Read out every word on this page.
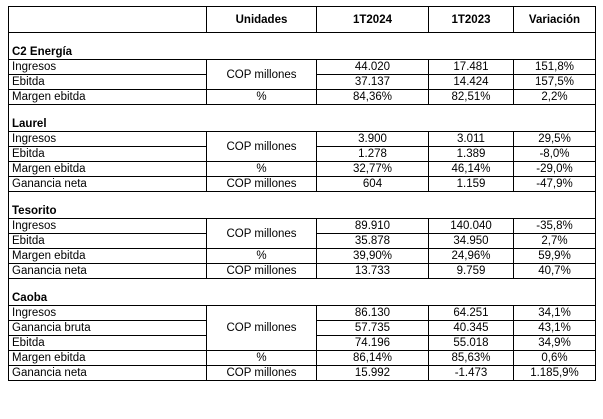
	Unidades	1T2024	1T2023	Variación

C2 Energía				
Ingresos	COP millones	44.020	17.481	151,8%
Ebitda		37.137	14.424	157,5%
Margen ebitda	%	84,36%	82,51%	2,2%

Laurel				
Ingresos	COP millones	3.900	3.011	29,5%
Ebitda		1.278	1.389	-8,0%
Margen ebitda	%	32,77%	46,14%	-29,0%
Ganancia neta	COP millones	604	1.159	-47,9%

Tesorito				
Ingresos	COP millones	89.910	140.040	-35,8%
Ebitda		35.878	34.950	2,7%
Margen ebitda	%	39,90%	24,96%	59,9%
Ganancia neta	COP millones	13.733	9.759	40,7%

Caoba				
Ingresos	COP millones	86.130	64.251	34,1%
Ganancia bruta		57.735	40.345	43,1%
Ebitda		74.196	55.018	34,9%
Margen ebitda	%	86,14%	85,63%	0,6%
Ganancia neta	COP millones	15.992	-1.473	1.185,9%
